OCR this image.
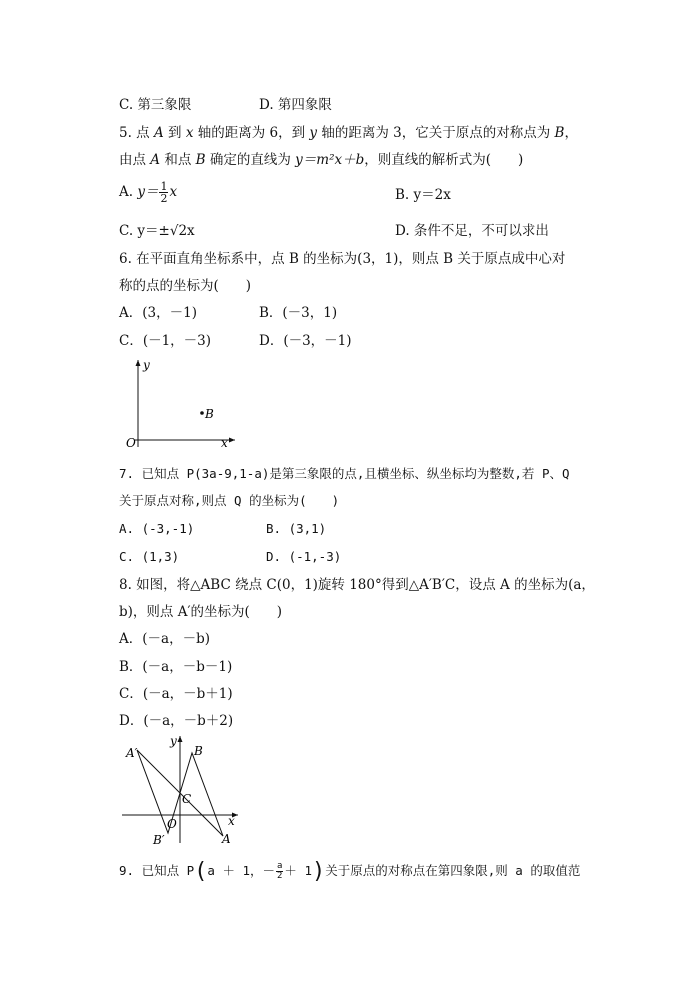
C. 第三象限	D. 第四象限
5. 点 A 到 x 轴的距离为 6，到 y 轴的距离为 3，它关于原点的对称点为 B，
由点 A 和点 B 确定的直线为 y＝m²x＋b，则直线的解析式为(　　)
A. $y= \frac{1}{2}$ x	B. y＝2x
C. y＝±√2x	D. 条件不足，不可以求出
6. 在平面直角坐标系中，点 B 的坐标为(3，1)，则点 B 关于原点成中心对
称的点的坐标为(　　)
A．(3，－1)	B．(－3，1)
C．(－1，－3)	D．(－3，－1)
y
x
O
B
7. 已知点 P(3a-9,1-a)是第三象限的点,且横坐标、纵坐标均为整数,若 P、Q
关于原点对称,则点 Q 的坐标为(　　)
A. (-3,-1)	B. (3,1)
C. (1,3)	D. (-1,-3)
8. 如图，将△ABC 绕点 C(0，1)旋转 180°得到△A′B′C，设点 A 的坐标为(a，
b)，则点 A′的坐标为(　　)
A．(－a，－b)
B．(－a，－b－1)
C．(－a，－b＋1)
D．(－a，－b＋2)
A′
y
B
C
x
O
B′	A
9. 已知点 P(a ＋ 1，－ $\frac{a}{2} + 1$)关于原点的对称点在第四象限,则 a 的取值范
